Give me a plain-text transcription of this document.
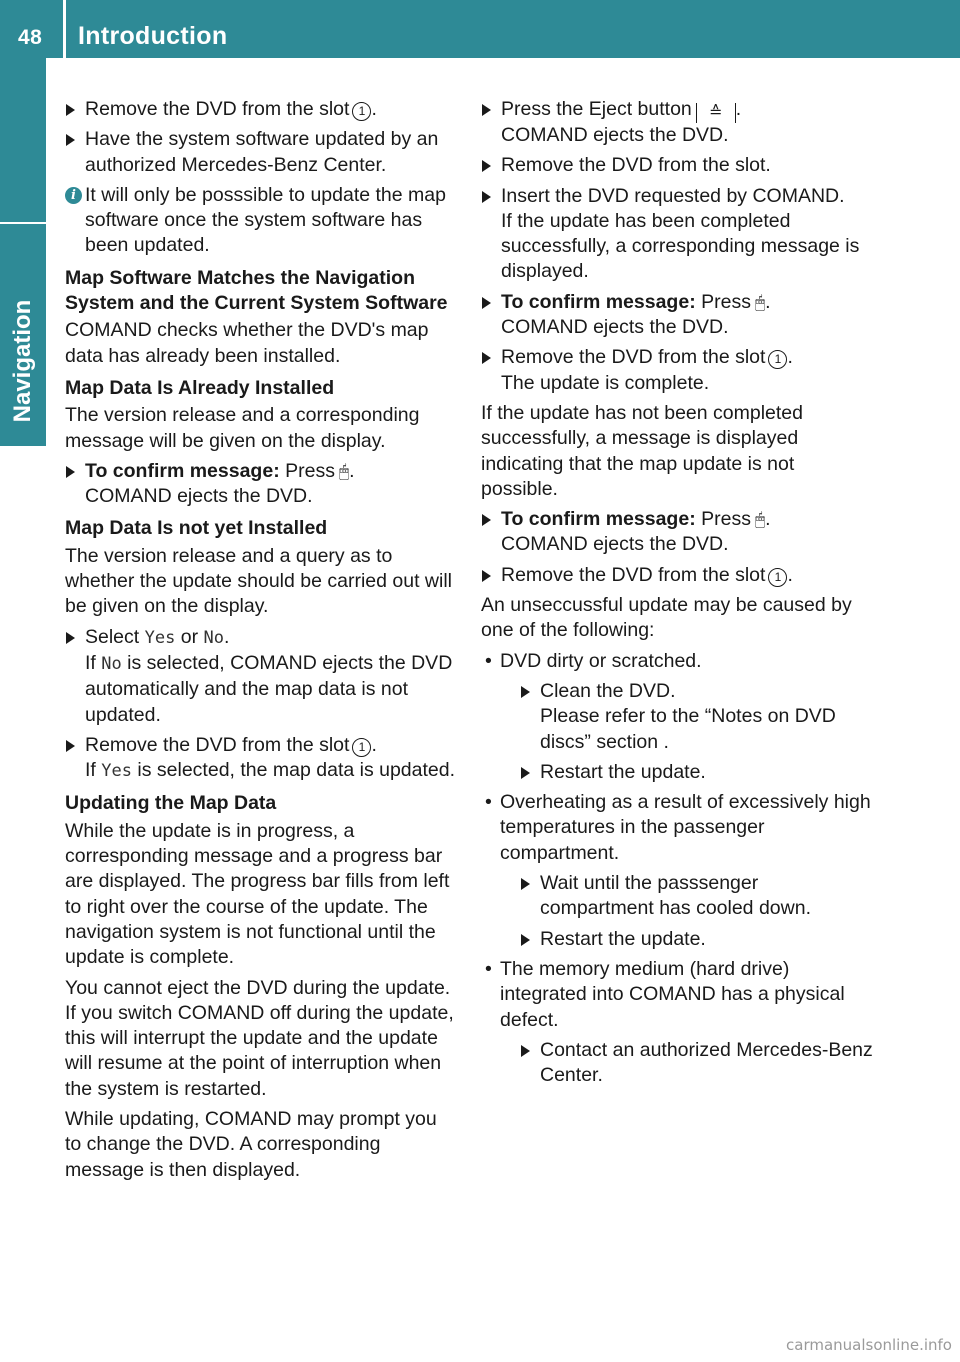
48 Introduction
Navigation
Remove the DVD from the slot 1 .
Have the system software updated by an authorized Mercedes-Benz Center.
i It will only be posssible to update the map software once the system software has been updated.
Map Software Matches the Navigation System and the Current System Software

COMAND checks whether the DVD's map data has already been installed.

Map Data Is Already Installed

The version release and a corresponding message will be given on the display.

To confirm message: Press 🖱.
COMAND ejects the DVD.
Map Data Is not yet Installed

The version release and a query as to whether the update should be carried out will be given on the display.

Select Yes or No.
If No is selected, COMAND ejects the DVD automatically and the map data is not updated.
Remove the DVD from the slot 1 .
If Yes is selected, the map data is updated.
Updating the Map Data

While the update is in progress, a corresponding message and a progress bar are displayed. The progress bar fills from left to right over the course of the update. The navigation system is not functional until the update is complete.

You cannot eject the DVD during the update. If you switch COMAND off during the update, this will interrupt the update and the update will resume at the point of interruption when the system is restarted.

While updating, COMAND may prompt you to change the DVD. A corresponding message is then displayed.

Press the Eject button ≙ .
COMAND ejects the DVD.
Remove the DVD from the slot.
Insert the DVD requested by COMAND.
If the update has been completed successfully, a corresponding message is displayed.
To confirm message: Press 🖱.
COMAND ejects the DVD.
Remove the DVD from the slot 1 .
The update is complete.

If the update has not been completed successfully, a message is displayed indicating that the map update is not possible.

To confirm message: Press 🖱.
COMAND ejects the DVD.
Remove the DVD from the slot 1 .

An unseccussful update may be caused by one of the following:

• DVD dirty or scratched.
Clean the DVD.
Please refer to the “Notes on DVD discs” section .
Restart the update.
• Overheating as a result of excessively high temperatures in the passenger compartment.
Wait until the passsenger compartment has cooled down.
Restart the update.
• The memory medium (hard drive) integrated into COMAND has a physical defect.
Contact an authorized Mercedes-Benz Center.
carmanualsonline.info
